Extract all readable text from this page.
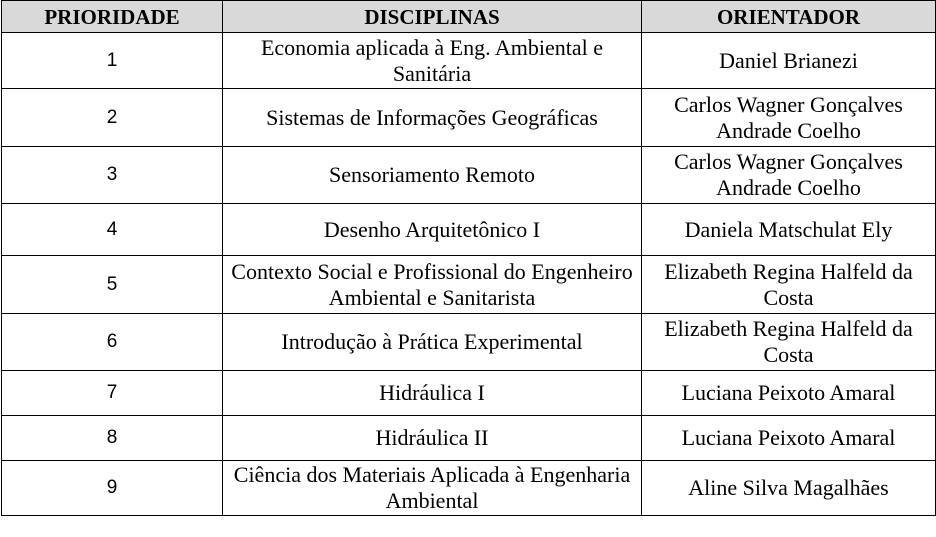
PRIORIDADE	DISCIPLINAS	ORIENTADOR
1	Economia aplicada à Eng. Ambiental e Sanitária	Daniel Brianezi
2	Sistemas de Informações Geográficas	Carlos Wagner Gonçalves Andrade Coelho
3	Sensoriamento Remoto	Carlos Wagner Gonçalves Andrade Coelho
4	Desenho Arquitetônico I	Daniela Matschulat Ely
5	Contexto Social e Profissional do Engenheiro Ambiental e Sanitarista	Elizabeth Regina Halfeld da Costa
6	Introdução à Prática Experimental	Elizabeth Regina Halfeld da Costa
7	Hidráulica I	Luciana Peixoto Amaral
8	Hidráulica II	Luciana Peixoto Amaral
9	Ciência dos Materiais Aplicada à Engenharia Ambiental	Aline Silva Magalhães
